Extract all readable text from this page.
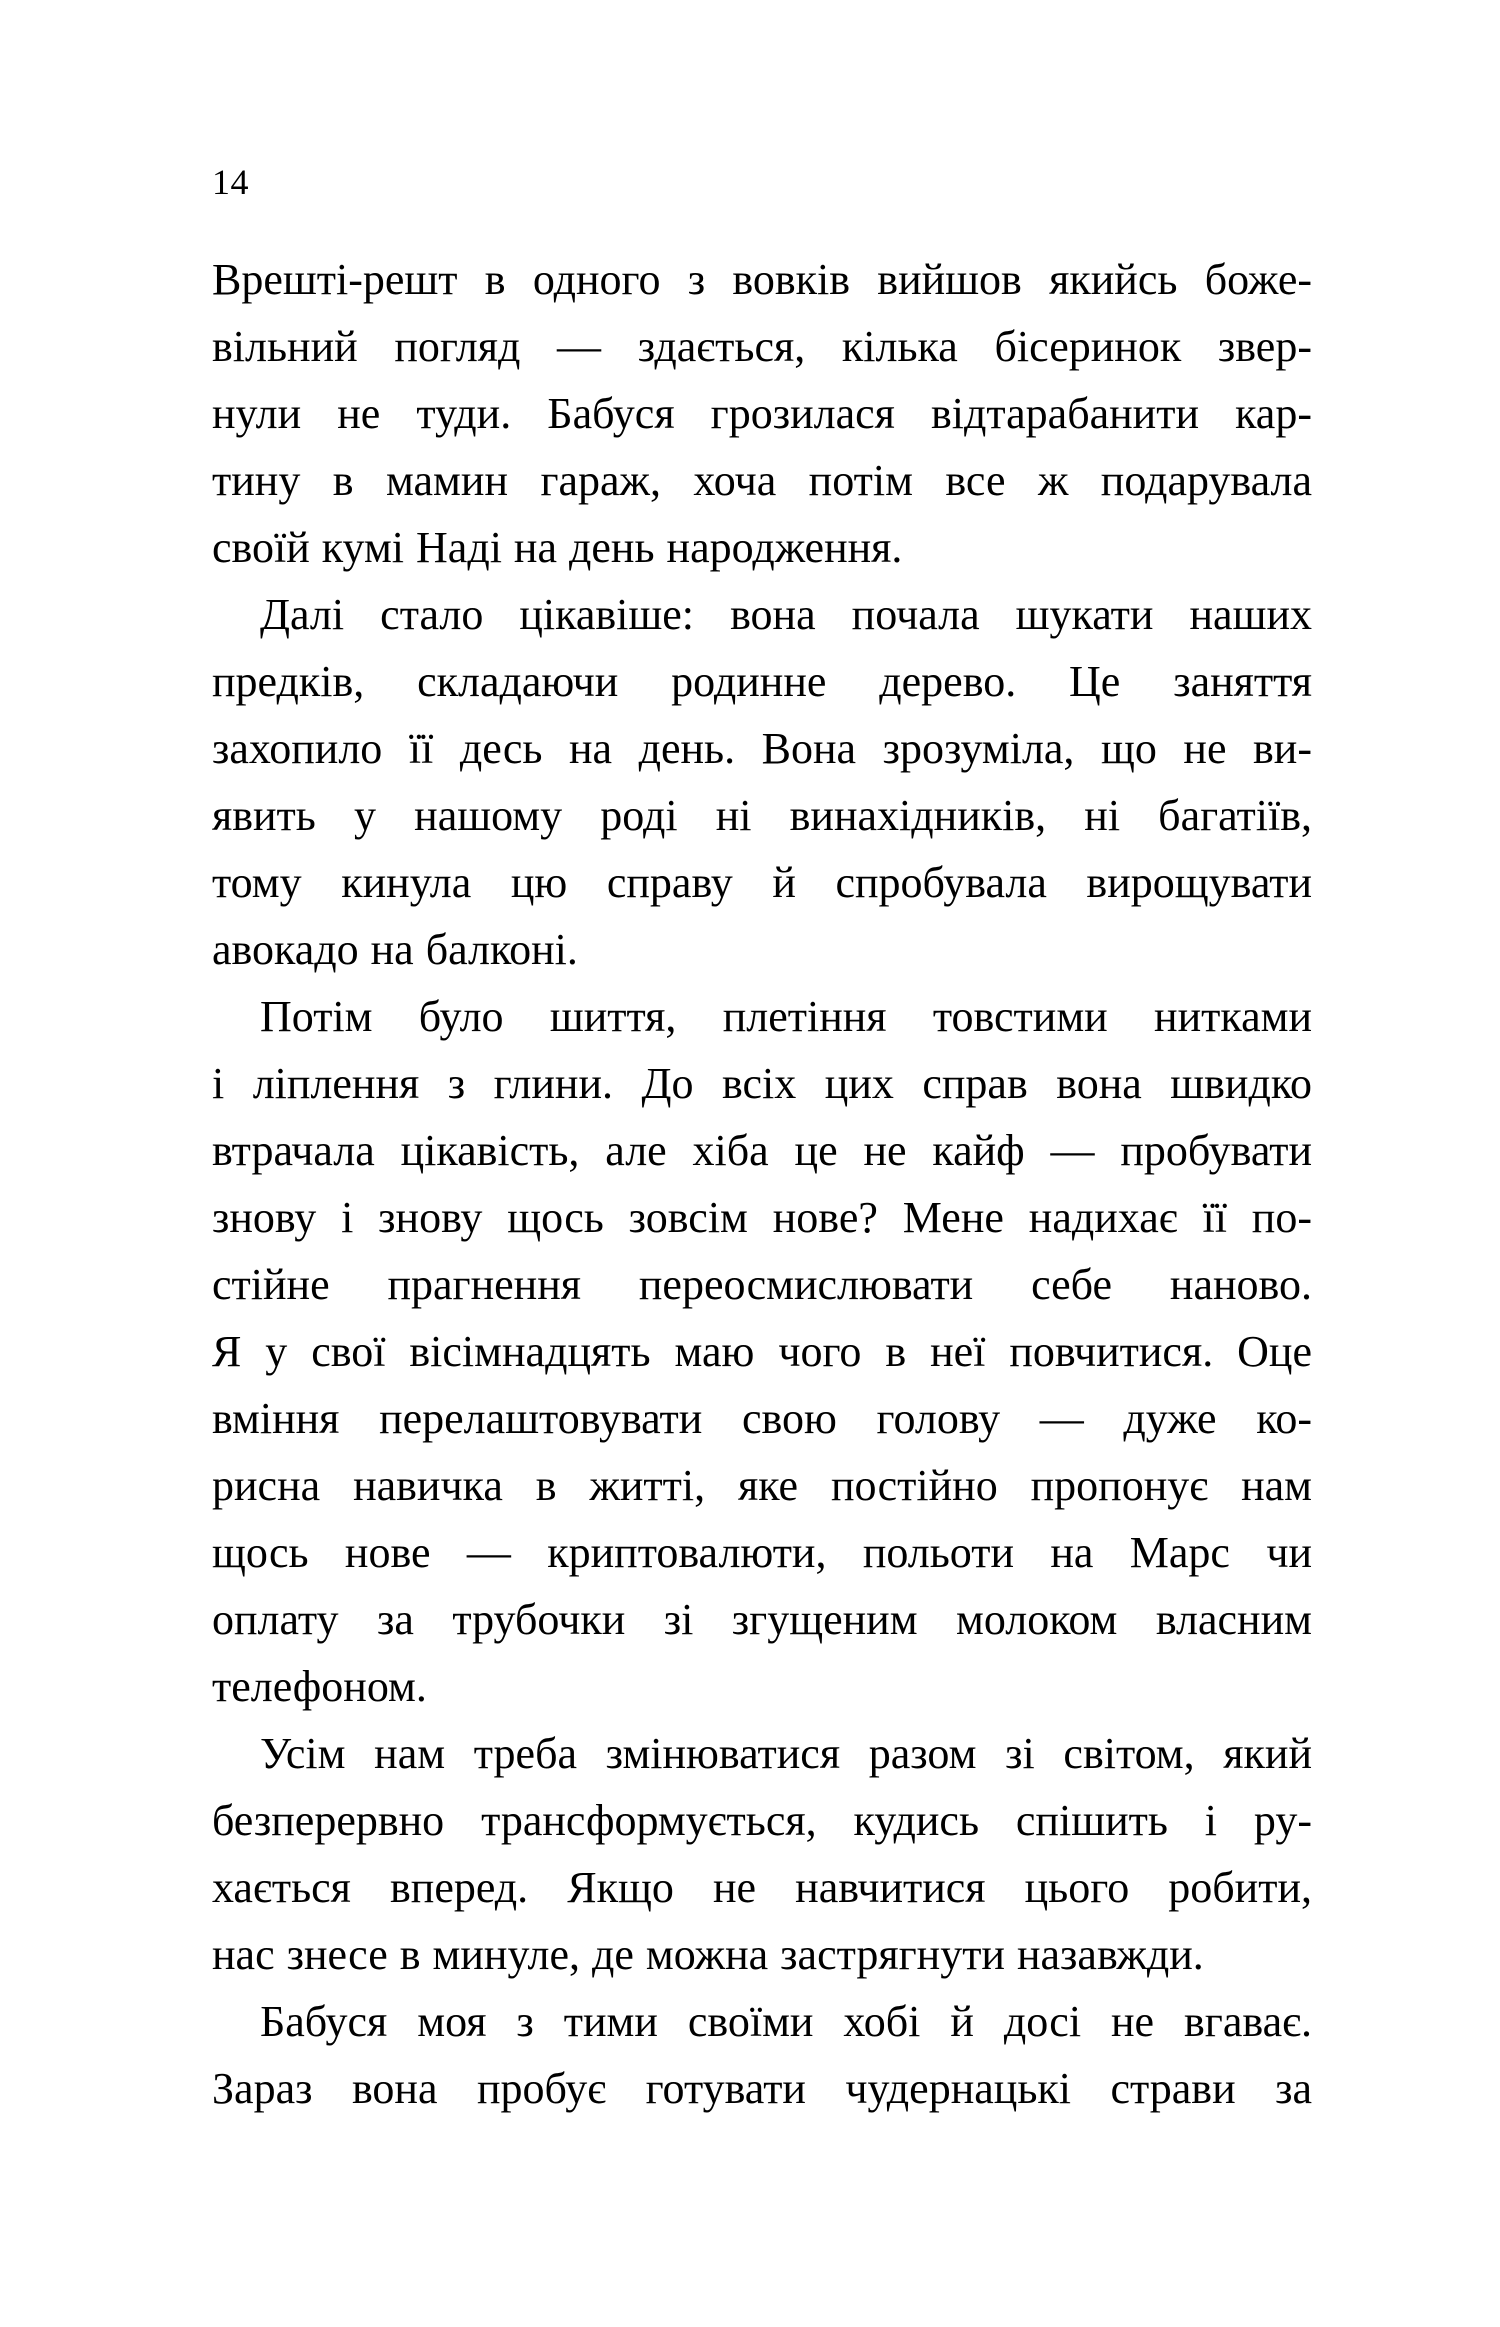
14
Врешті-решт в одного з вовків вийшов якийсь боже-
вільний погляд — здається, кілька бісеринок звер-
нули не туди. Бабуся грозилася відтарабанити кар-
тину в мамин гараж, хоча потім все ж подарувала
своїй кумі Наді на день народження.
Далі стало цікавіше: вона почала шукати наших
предків, складаючи родинне дерево. Це заняття
захопило її десь на день. Вона зрозуміла, що не ви-
явить у нашому роді ні винахідників, ні багатіїв,
тому кинула цю справу й спробувала вирощувати
авокадо на балконі.
Потім було шиття, плетіння товстими нитками
і ліплення з глини. До всіх цих справ вона швидко
втрачала цікавість, але хіба це не кайф — пробувати
знову і знову щось зовсім нове? Мене надихає її по-
стійне прагнення переосмислювати себе наново.
Я у свої вісімнадцять маю чого в неї повчитися. Оце
вміння перелаштовувати свою голову — дуже ко-
рисна навичка в житті, яке постійно пропонує нам
щось нове — криптовалюти, польоти на Марс чи
оплату за трубочки зі згущеним молоком власним
телефоном.
Усім нам треба змінюватися разом зі світом, який
безперервно трансформується, кудись спішить і ру-
хається вперед. Якщо не навчитися цього робити,
нас знесе в минуле, де можна застрягнути назавжди.
Бабуся моя з тими своїми хобі й досі не вгаває.
Зараз вона пробує готувати чудернацькі страви за
